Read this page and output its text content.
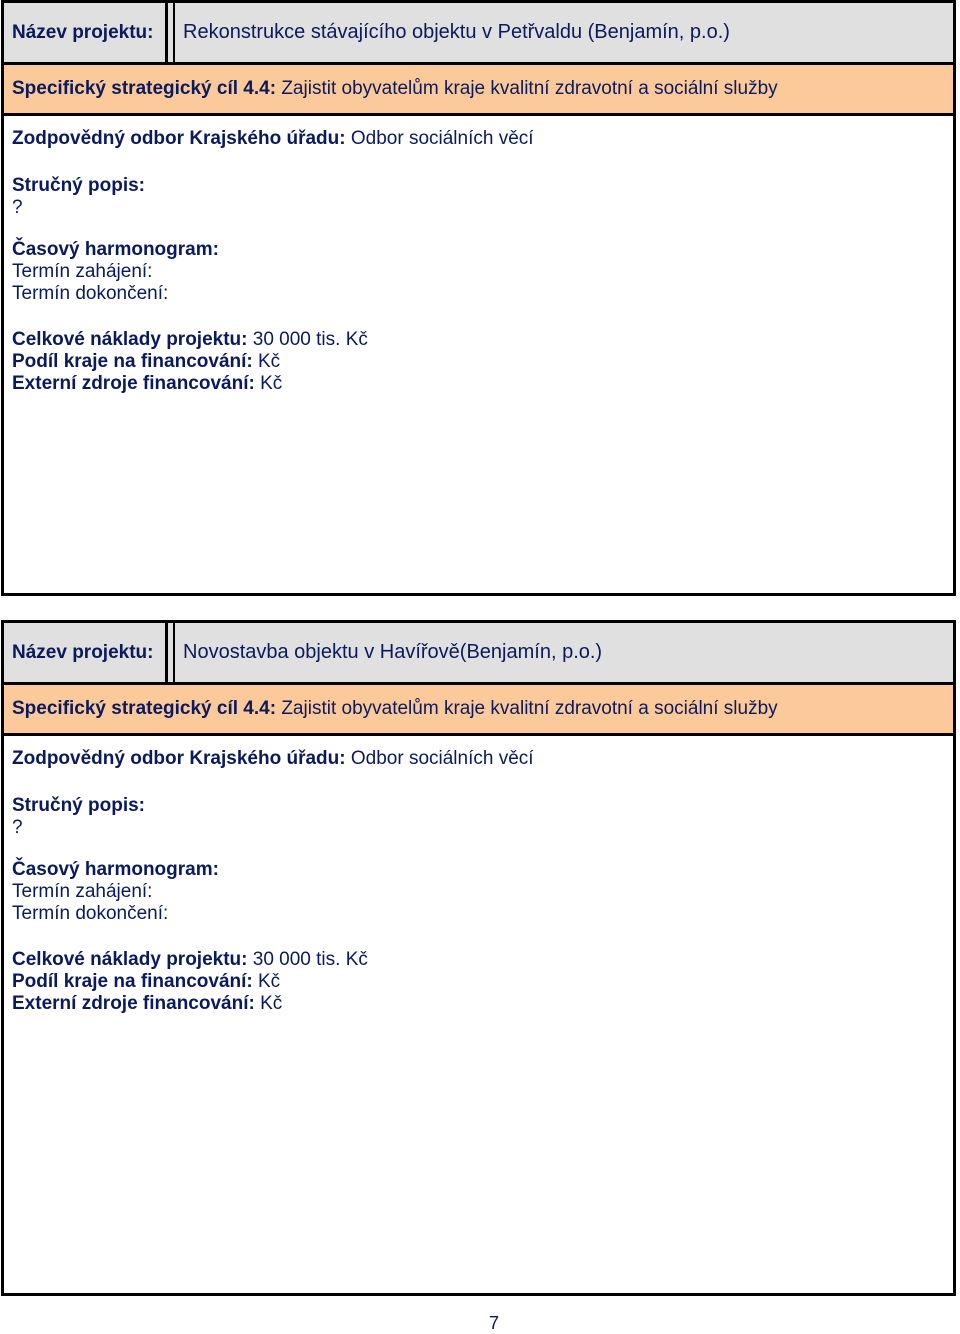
Název projektu:	Rekonstrukce stávajícího objektu v Petřvaldu (Benjamín, p.o.)
Specifický strategický cíl 4.4: Zajistit obyvatelům kraje kvalitní zdravotní a sociální služby
Zodpovědný odbor Krajského úřadu: Odbor sociálních věcí
Stručný popis:
?
Časový harmonogram:
Termín zahájení:
Termín dokončení:
Celkové náklady projektu: 30 000 tis. Kč
Podíl kraje na financování: Kč
Externí zdroje financování: Kč
Název projektu:	Novostavba objektu v Havířově(Benjamín, p.o.)
Specifický strategický cíl 4.4: Zajistit obyvatelům kraje kvalitní zdravotní a sociální služby
Zodpovědný odbor Krajského úřadu: Odbor sociálních věcí
Stručný popis:
?
Časový harmonogram:
Termín zahájení:
Termín dokončení:
Celkové náklady projektu: 30 000 tis. Kč
Podíl kraje na financování: Kč
Externí zdroje financování: Kč
7
